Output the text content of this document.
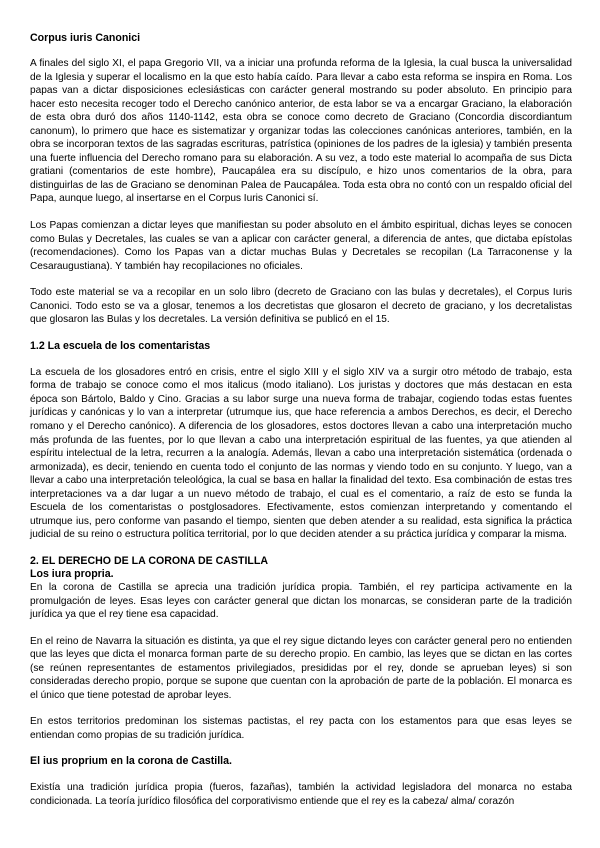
Corpus iuris Canonici

A finales del siglo XI, el papa Gregorio VII, va a iniciar una profunda reforma de la Iglesia, la cual busca la universalidad de la Iglesia y superar el localismo en la que esto había caído. Para llevar a cabo esta reforma se inspira en Roma. Los papas van a dictar disposiciones eclesiásticas con carácter general mostrando su poder absoluto. En principio para hacer esto necesita recoger todo el Derecho canónico anterior, de esta labor se va a encargar Graciano, la elaboración de esta obra duró dos años 1140-1142, esta obra se conoce como decreto de Graciano (Concordia discordiantum canonum), lo primero que hace es sistematizar y organizar todas las colecciones canónicas anteriores, también, en la obra se incorporan textos de las sagradas escrituras, patrística (opiniones de los padres de la iglesia) y también presenta una fuerte influencia del Derecho romano para su elaboración. A su vez, a todo este material lo acompaña de sus Dicta gratiani (comentarios de este hombre), Paucapálea era su discípulo, e hizo unos comentarios de la obra, para distinguirlas de las de Graciano se denominan Palea de Paucapálea. Toda esta obra no contó con un respaldo oficial del Papa, aunque luego, al insertarse en el Corpus Iuris Canonici sí.

Los Papas comienzan a dictar leyes que manifiestan su poder absoluto en el ámbito espiritual, dichas leyes se conocen como Bulas y Decretales, las cuales se van a aplicar con carácter general, a diferencia de antes, que dictaba epístolas (recomendaciones). Como los Papas van a dictar muchas Bulas y Decretales se recopilan (La Tarraconense y la Cesaraugustiana). Y también hay recopilaciones no oficiales.

Todo este material se va a recopilar en un solo libro (decreto de Graciano con las bulas y decretales), el Corpus Iuris Canonici. Todo esto se va a glosar, tenemos a los decretistas que glosaron el decreto de graciano, y los decretalistas que glosaron las Bulas y los decretales. La versión definitiva se publicó en el 15.

1.2 La escuela de los comentaristas

La escuela de los glosadores entró en crisis, entre el siglo XIII y el siglo XIV va a surgir otro método de trabajo, esta forma de trabajo se conoce como el mos italicus (modo italiano). Los juristas y doctores que más destacan en esta época son Bártolo, Baldo y Cino. Gracias a su labor surge una nueva forma de trabajar, cogiendo todas estas fuentes jurídicas y canónicas y lo van a interpretar (utrumque ius, que hace referencia a ambos Derechos, es decir, el Derecho romano y el Derecho canónico). A diferencia de los glosadores, estos doctores llevan a cabo una interpretación mucho más profunda de las fuentes, por lo que llevan a cabo una interpretación espiritual de las fuentes, ya que atienden al espíritu intelectual de la letra, recurren a la analogía. Además, llevan a cabo una interpretación sistemática (ordenada o armonizada), es decir, teniendo en cuenta todo el conjunto de las normas y viendo todo en su conjunto. Y luego, van a llevar a cabo una interpretación teleológica, la cual se basa en hallar la finalidad del texto. Esa combinación de estas tres interpretaciones va a dar lugar a un nuevo método de trabajo, el cual es el comentario, a raíz de esto se funda la Escuela de los comentaristas o postglosadores. Efectivamente, estos comienzan interpretando y comentando el utrumque ius, pero conforme van pasando el tiempo, sienten que deben atender a su realidad, esta significa la práctica judicial de su reino o estructura política territorial, por lo que deciden atender a su práctica jurídica y comparar la misma.

2. EL DERECHO DE LA CORONA DE CASTILLA
Los iura propria.

En la corona de Castilla se aprecia una tradición jurídica propia. También, el rey participa activamente en la promulgación de leyes. Esas leyes con carácter general que dictan los monarcas, se consideran parte de la tradición jurídica ya que el rey tiene esa capacidad.

En el reino de Navarra la situación es distinta, ya que el rey sigue dictando leyes con carácter general pero no entienden que las leyes que dicta el monarca forman parte de su derecho propio. En cambio, las leyes que se dictan en las cortes (se reúnen representantes de estamentos privilegiados, presididas por el rey, donde se aprueban leyes) si son consideradas derecho propio, porque se supone que cuentan con la aprobación de parte de la población. El monarca es el único que tiene potestad de aprobar leyes.

En estos territorios predominan los sistemas pactistas, el rey pacta con los estamentos para que esas leyes se entiendan como propias de su tradición jurídica.

El ius proprium en la corona de Castilla.

Existía una tradición jurídica propia (fueros, fazañas), también la actividad legisladora del monarca no estaba condicionada. La teoría jurídico filosófica del corporativismo entiende que el rey es la cabeza/ alma/ corazón
